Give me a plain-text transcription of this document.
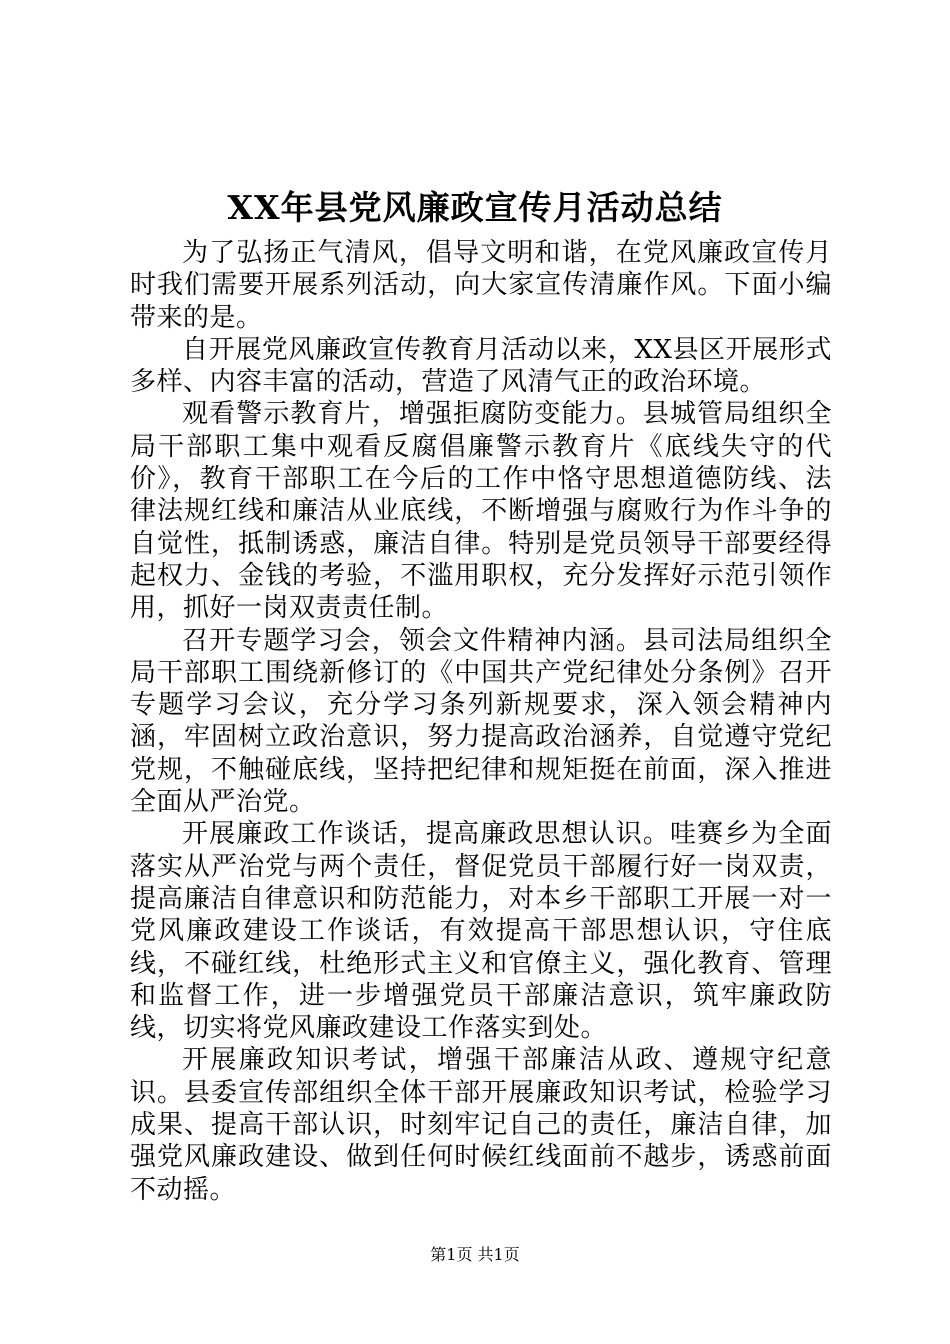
XX年县党风廉政宣传月活动总结

为了弘扬正气清风，倡导文明和谐，在党风廉政宣传月时我们需要开展系列活动，向大家宣传清廉作风。下面小编带来的是。

自开展党风廉政宣传教育月活动以来，XX县区开展形式多样、内容丰富的活动，营造了风清气正的政治环境。

观看警示教育片，增强拒腐防变能力。县城管局组织全局干部职工集中观看反腐倡廉警示教育片《底线失守的代价》，教育干部职工在今后的工作中恪守思想道德防线、法律法规红线和廉洁从业底线，不断增强与腐败行为作斗争的自觉性，抵制诱惑，廉洁自律。特别是党员领导干部要经得起权力、金钱的考验，不滥用职权，充分发挥好示范引领作用，抓好一岗双责责任制。

召开专题学习会，领会文件精神内涵。县司法局组织全局干部职工围绕新修订的《中国共产党纪律处分条例》召开专题学习会议，充分学习条列新规要求，深入领会精神内涵，牢固树立政治意识，努力提高政治涵养，自觉遵守党纪党规，不触碰底线，坚持把纪律和规矩挺在前面，深入推进全面从严治党。

开展廉政工作谈话，提高廉政思想认识。哇赛乡为全面落实从严治党与两个责任，督促党员干部履行好一岗双责，提高廉洁自律意识和防范能力，对本乡干部职工开展一对一党风廉政建设工作谈话，有效提高干部思想认识，守住底线，不碰红线，杜绝形式主义和官僚主义，强化教育、管理和监督工作，进一步增强党员干部廉洁意识，筑牢廉政防线，切实将党风廉政建设工作落实到处。

开展廉政知识考试，增强干部廉洁从政、遵规守纪意识。县委宣传部组织全体干部开展廉政知识考试，检验学习成果、提高干部认识，时刻牢记自己的责任，廉洁自律，加强党风廉政建设、做到任何时候红线面前不越步，诱惑前面不动摇。

第1页 共1页
